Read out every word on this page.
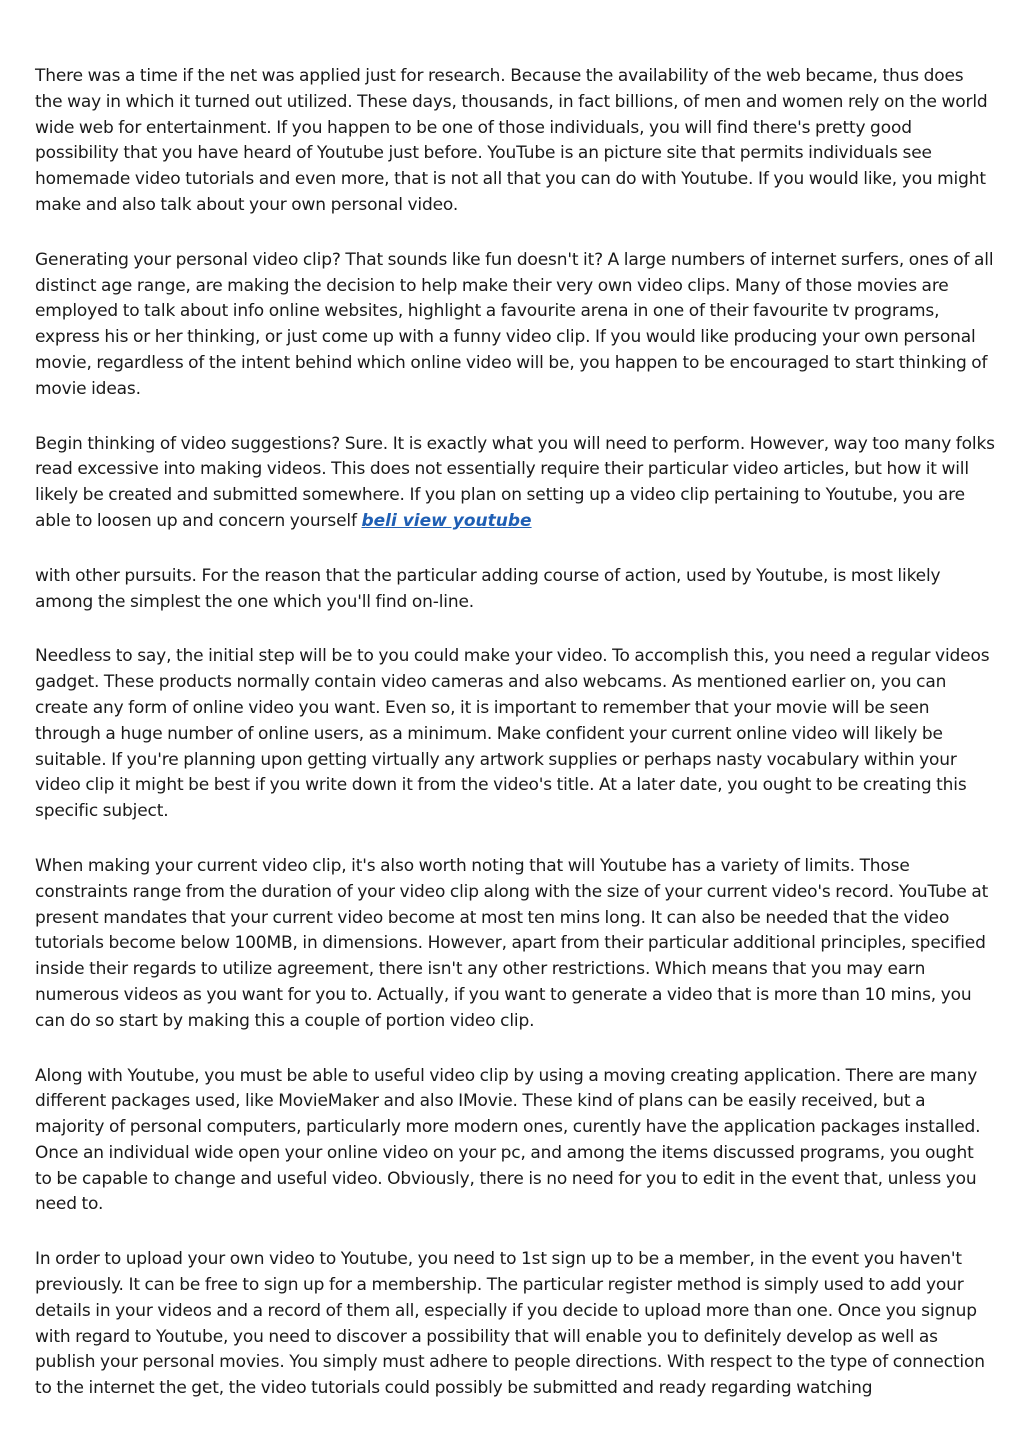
There was a time if the net was applied just for research. Because the availability of the web became, thus does the way in which it turned out utilized. These days, thousands, in fact billions, of men and women rely on the world wide web for entertainment. If you happen to be one of those individuals, you will find there's pretty good possibility that you have heard of Youtube just before. YouTube is an picture site that permits individuals see homemade video tutorials and even more, that is not all that you can do with Youtube. If you would like, you might make and also talk about your own personal video.

Generating your personal video clip? That sounds like fun doesn't it? A large numbers of internet surfers, ones of all distinct age range, are making the decision to help make their very own video clips. Many of those movies are employed to talk about info online websites, highlight a favourite arena in one of their favourite tv programs, express his or her thinking, or just come up with a funny video clip. If you would like producing your own personal movie, regardless of the intent behind which online video will be, you happen to be encouraged to start thinking of movie ideas.

Begin thinking of video suggestions? Sure. It is exactly what you will need to perform. However, way too many folks read excessive into making videos. This does not essentially require their particular video articles, but how it will likely be created and submitted somewhere. If you plan on setting up a video clip pertaining to Youtube, you are able to loosen up and concern yourself beli view youtube

with other pursuits. For the reason that the particular adding course of action, used by Youtube, is most likely among the simplest the one which you'll find on-line.

Needless to say, the initial step will be to you could make your video. To accomplish this, you need a regular videos gadget. These products normally contain video cameras and also webcams. As mentioned earlier on, you can create any form of online video you want. Even so, it is important to remember that your movie will be seen through a huge number of online users, as a minimum. Make confident your current online video will likely be suitable. If you're planning upon getting virtually any artwork supplies or perhaps nasty vocabulary within your video clip it might be best if you write down it from the video's title. At a later date, you ought to be creating this specific subject.

When making your current video clip, it's also worth noting that will Youtube has a variety of limits. Those constraints range from the duration of your video clip along with the size of your current video's record. YouTube at present mandates that your current video become at most ten mins long. It can also be needed that the video tutorials become below 100MB, in dimensions. However, apart from their particular additional principles, specified inside their regards to utilize agreement, there isn't any other restrictions. Which means that you may earn numerous videos as you want for you to. Actually, if you want to generate a video that is more than 10 mins, you can do so start by making this a couple of portion video clip.

Along with Youtube, you must be able to useful video clip by using a moving creating application. There are many different packages used, like MovieMaker and also IMovie. These kind of plans can be easily received, but a majority of personal computers, particularly more modern ones, curently have the application packages installed. Once an individual wide open your online video on your pc, and among the items discussed programs, you ought to be capable to change and useful video. Obviously, there is no need for you to edit in the event that, unless you need to.

In order to upload your own video to Youtube, you need to 1st sign up to be a member, in the event you haven't previously. It can be free to sign up for a membership. The particular register method is simply used to add your details in your videos and a record of them all, especially if you decide to upload more than one. Once you signup with regard to Youtube, you need to discover a possibility that will enable you to definitely develop as well as publish your personal movies. You simply must adhere to people directions. With respect to the type of connection to the internet the get, the video tutorials could possibly be submitted and ready regarding watching
